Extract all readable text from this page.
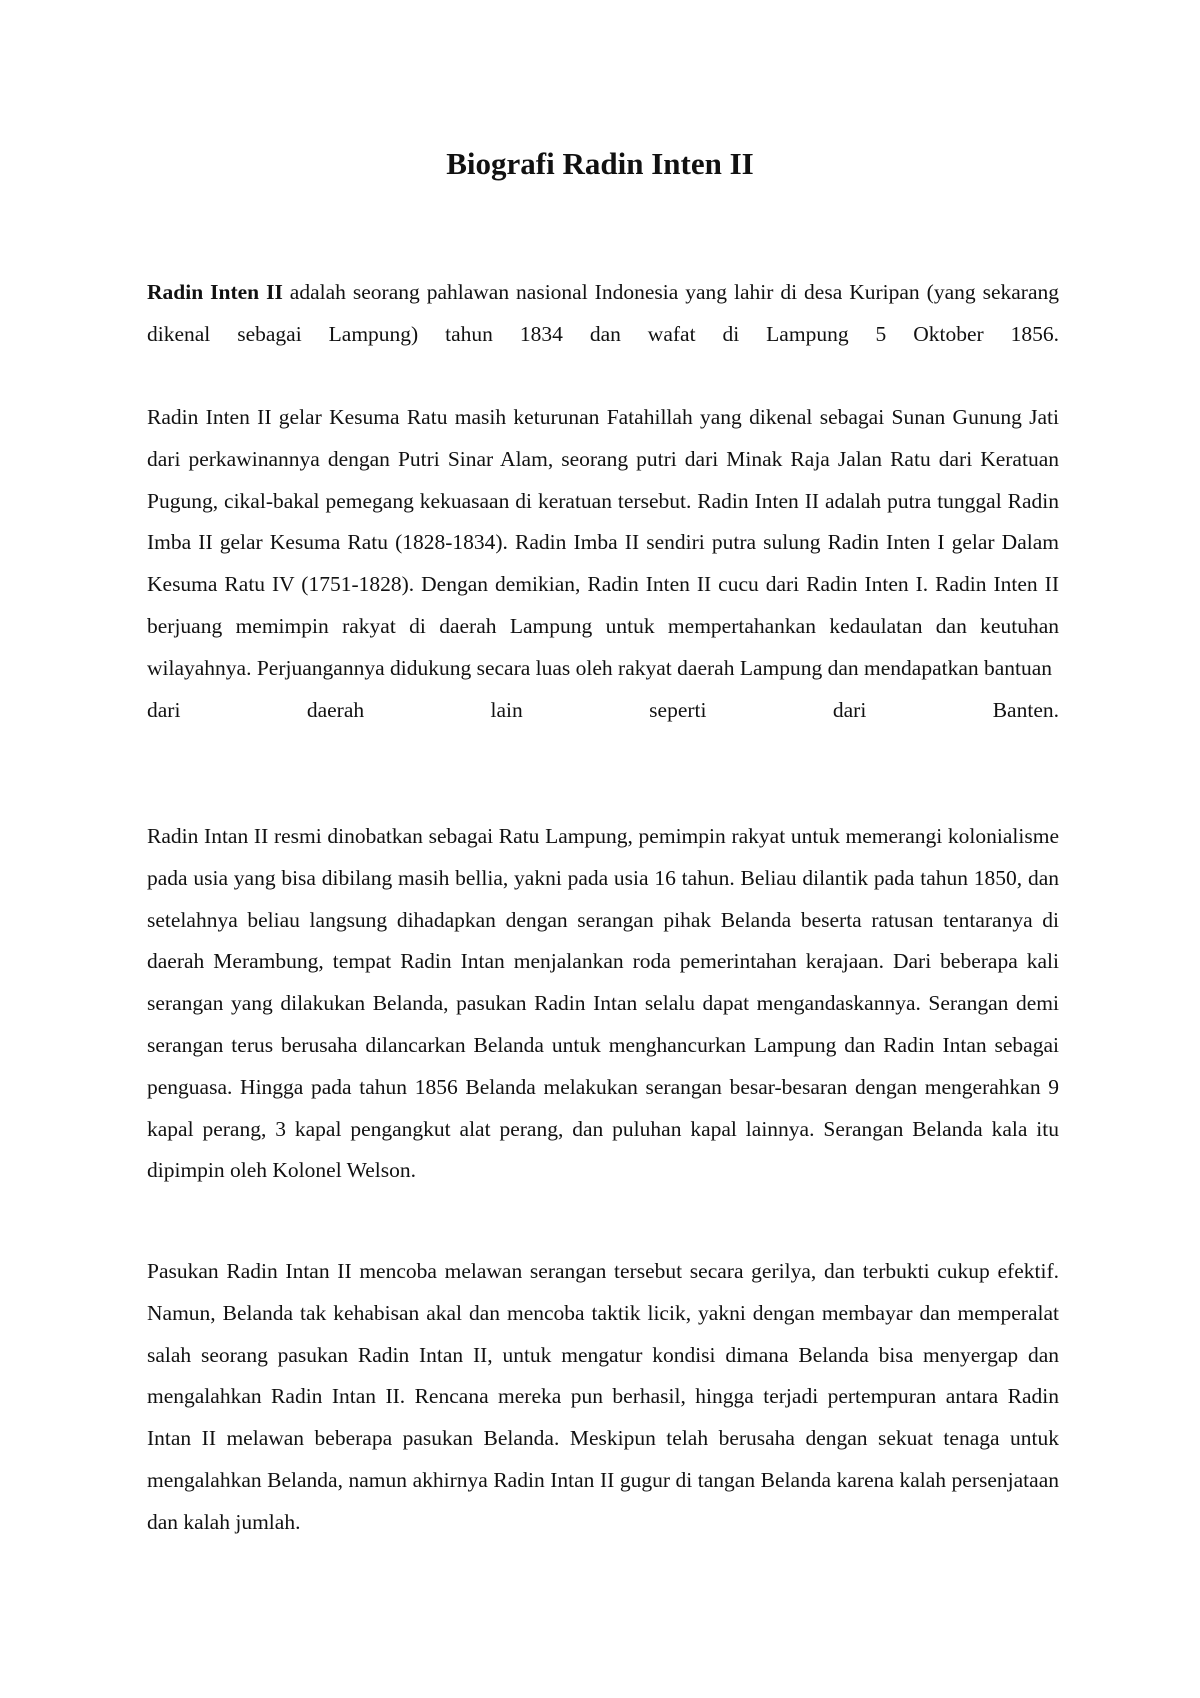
Biografi Radin Inten II
Radin Inten II adalah seorang pahlawan nasional Indonesia yang lahir di desa Kuripan (yang sekarang dikenal sebagai Lampung) tahun 1834 dan wafat di Lampung 5 Oktober 1856.
Radin Inten II gelar Kesuma Ratu masih keturunan Fatahillah yang dikenal sebagai Sunan Gunung Jati dari perkawinannya dengan Putri Sinar Alam, seorang putri dari Minak Raja Jalan Ratu dari Keratuan Pugung, cikal-bakal pemegang kekuasaan di keratuan tersebut. Radin Inten II adalah putra tunggal Radin Imba II gelar Kesuma Ratu (1828-1834). Radin Imba II sendiri putra sulung Radin Inten I gelar Dalam Kesuma Ratu IV (1751-1828). Dengan demikian, Radin Inten II cucu dari Radin Inten I. Radin Inten II berjuang memimpin rakyat di daerah Lampung untuk mempertahankan kedaulatan dan keutuhan wilayahnya. Perjuangannya didukung secara luas oleh rakyat daerah Lampung dan mendapatkan bantuan
dari daerah lain seperti dari Banten.
Radin Intan II resmi dinobatkan sebagai Ratu Lampung, pemimpin rakyat untuk memerangi kolonialisme pada usia yang bisa dibilang masih bellia, yakni pada usia 16 tahun. Beliau dilantik pada tahun 1850, dan setelahnya beliau langsung dihadapkan dengan serangan pihak Belanda beserta ratusan tentaranya di daerah Merambung, tempat Radin Intan menjalankan roda pemerintahan kerajaan. Dari beberapa kali serangan yang dilakukan Belanda, pasukan Radin Intan selalu dapat mengandaskannya. Serangan demi serangan terus berusaha dilancarkan Belanda untuk menghancurkan Lampung dan Radin Intan sebagai penguasa. Hingga pada tahun 1856 Belanda melakukan serangan besar-besaran dengan mengerahkan 9 kapal perang, 3 kapal pengangkut alat perang, dan puluhan kapal lainnya. Serangan Belanda kala itu dipimpin oleh Kolonel Welson.
Pasukan Radin Intan II mencoba melawan serangan tersebut secara gerilya, dan terbukti cukup efektif. Namun, Belanda tak kehabisan akal dan mencoba taktik licik, yakni dengan membayar dan memperalat salah seorang pasukan Radin Intan II, untuk mengatur kondisi dimana Belanda bisa menyergap dan mengalahkan Radin Intan II. Rencana mereka pun berhasil, hingga terjadi pertempuran antara Radin Intan II melawan beberapa pasukan Belanda. Meskipun telah berusaha dengan sekuat tenaga untuk mengalahkan Belanda, namun akhirnya Radin Intan II gugur di tangan Belanda karena kalah persenjataan dan kalah jumlah.
